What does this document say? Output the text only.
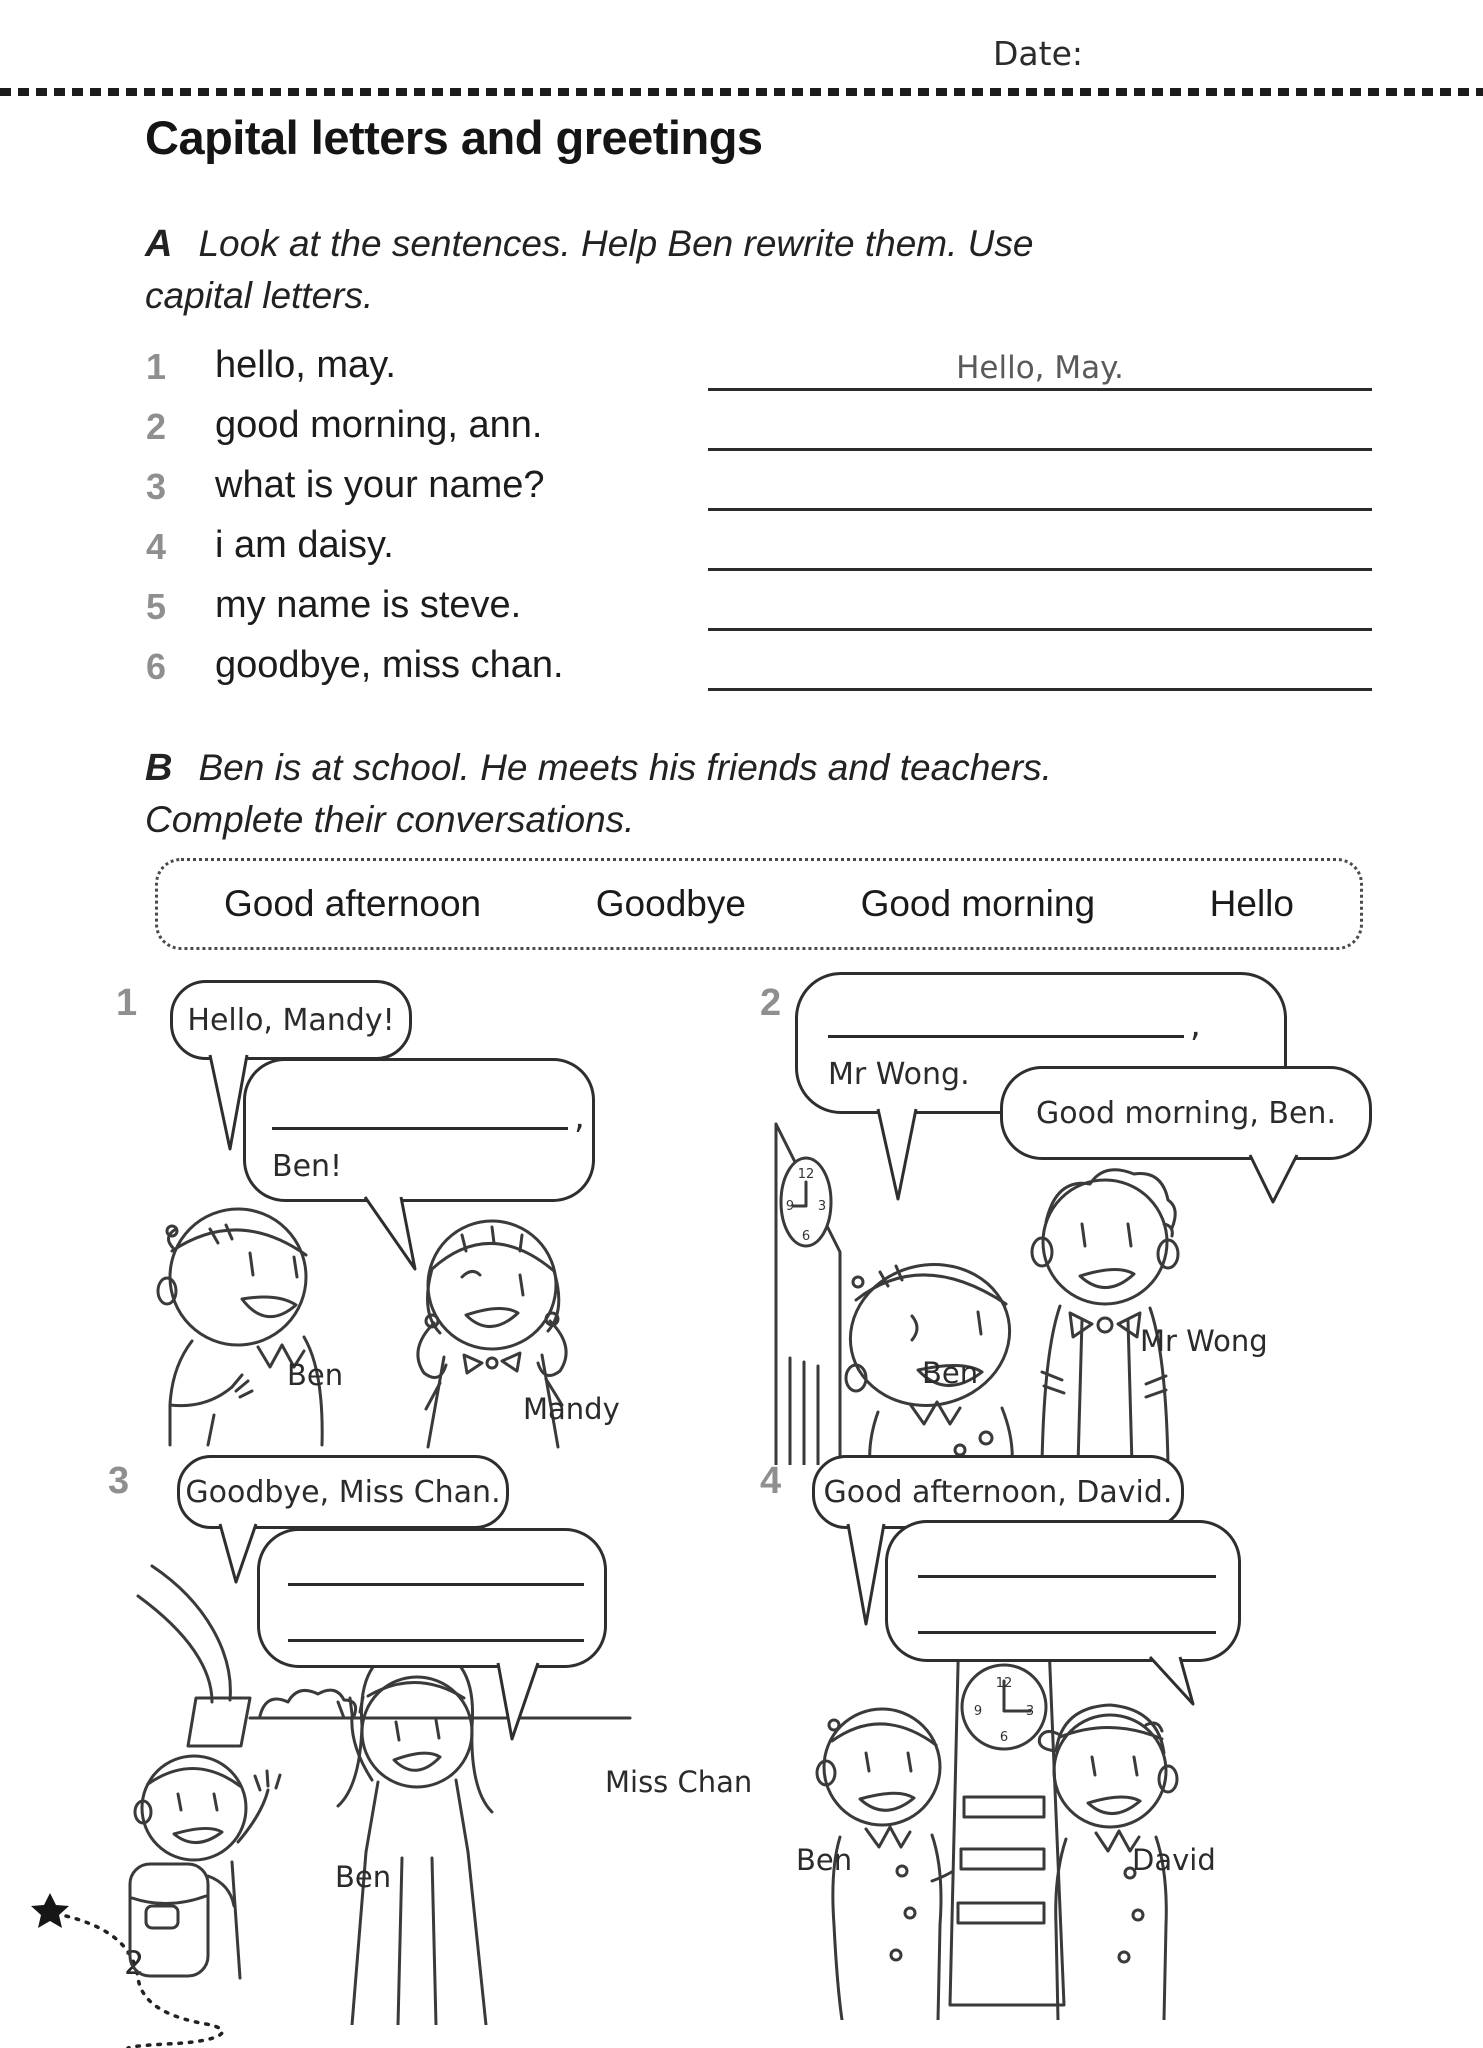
Date:
Capital letters and greetings
A Look at the sentences. Help Ben rewrite them. Use
capital letters.
1 hello, may.	Hello, May.
2 good morning, ann.
3 what is your name?
4 i am daisy.
5 my name is steve.
6 goodbye, miss chan.
B Ben is at school. He meets his friends and teachers.
Complete their conversations.
Good afternoon	Goodbye	Good morning	Hello
1	2
3	4
Hello, Mandy!
,
Ben!
Ben
Mandy
12
3
6
9
,
Mr Wong.
Good morning, Ben.
Ben
Mr Wong
Goodbye, Miss Chan.
Ben
Miss Chan
12
3
6
9
Good afternoon, David.
Ben	David
2
